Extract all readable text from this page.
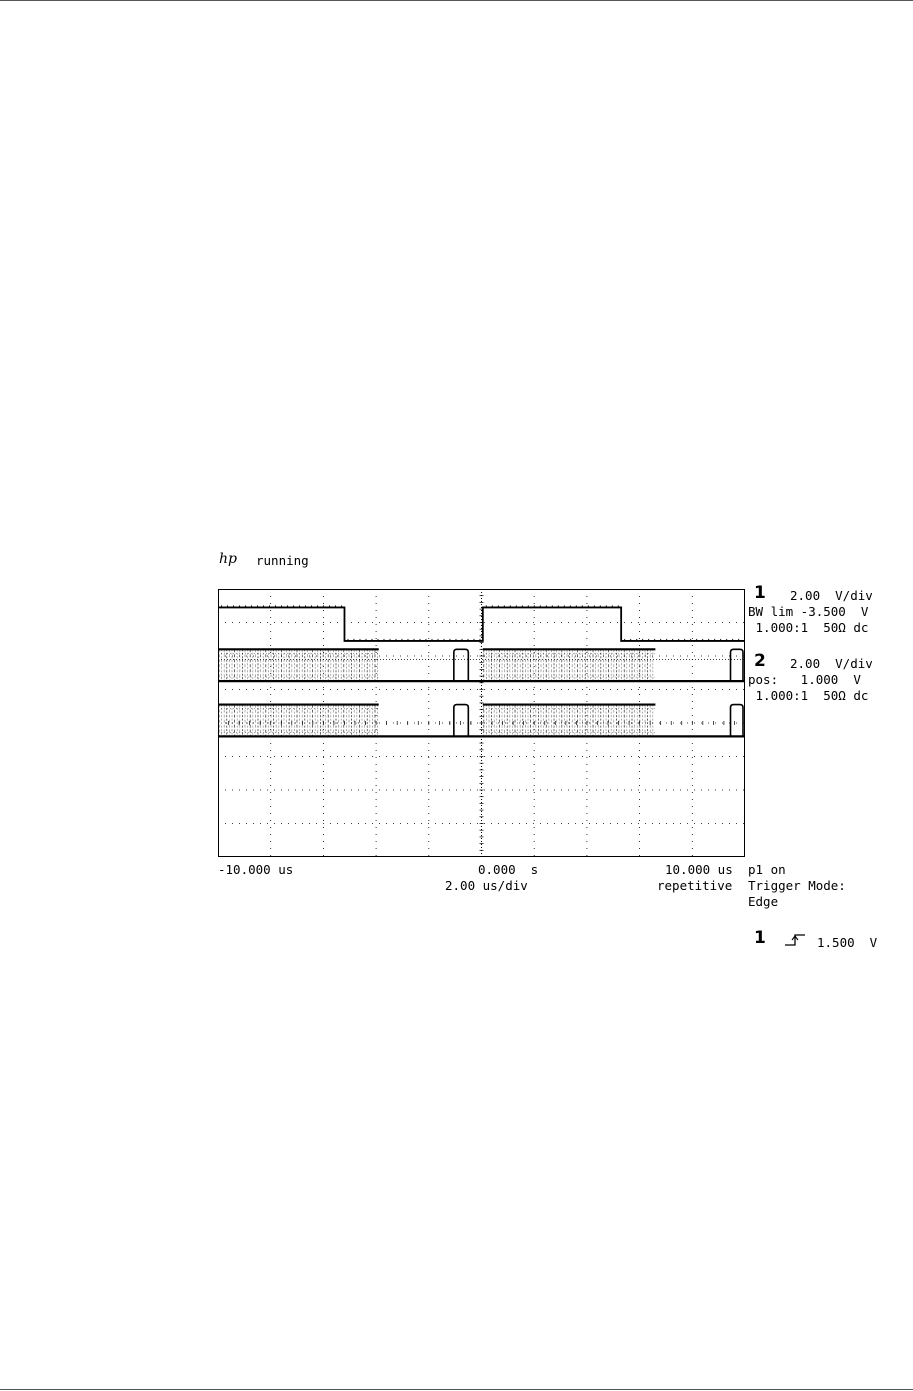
hp running
1 2.00  V/div
BW lim -3.500  V
1.000:1  50Ω dc
2 2.00  V/div
pos:   1.000  V
1.000:1  50Ω dc
-10.000 us	0.000  s	10.000 us
2.00 us/div	repetitive
p1 on
Trigger Mode:
Edge
1	1.500  V
